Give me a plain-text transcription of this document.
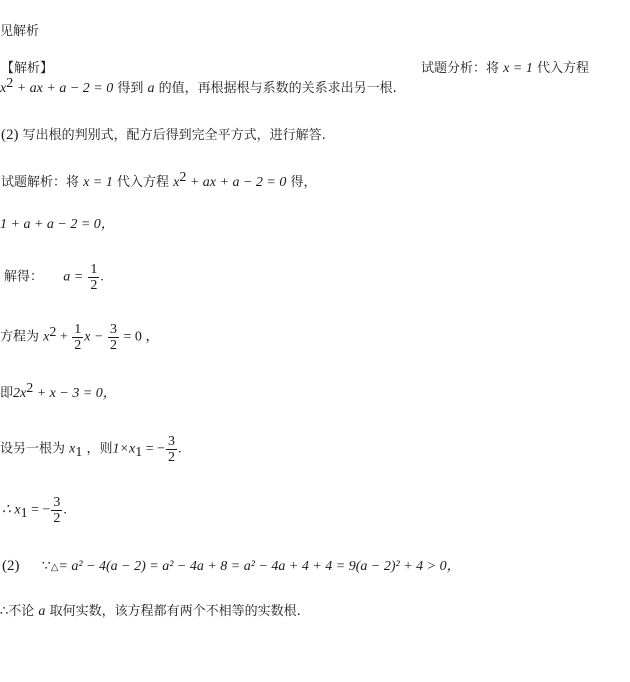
见解析
【解析】	试题分析：将 x = 1 代入方程
$x^2$ + ax + a − 2 = 0 得到 a 的值，再根据根与系数的关系求出另一根.
(2) 写出根的判别式，配方后得到完全平方式，进行解答.
试题解析：将 x = 1 代入方程 $x^2$ + ax + a − 2 = 0 得，
1 + a + a − 2 = 0，
解得： $a = \frac{1}{2}$ .
方程为 $x^2 + \frac{1}{2}$ $x - \frac{3}{2} = 0$ ，
即$2x^2 + x - 3 = 0$，
设另一根为 $x_1$ ，则$1\times x_1$ = − $\frac{3}{2}$ .
∴ $x_1$ = − $\frac{3}{2}$ .
(2) ∵△= a² − 4(a − 2) = a² − 4a + 8 = a² − 4a + 4 + 4 = 9(a − 2)² + 4 > 0，
∴不论 a 取何实数，该方程都有两个不相等的实数根.
